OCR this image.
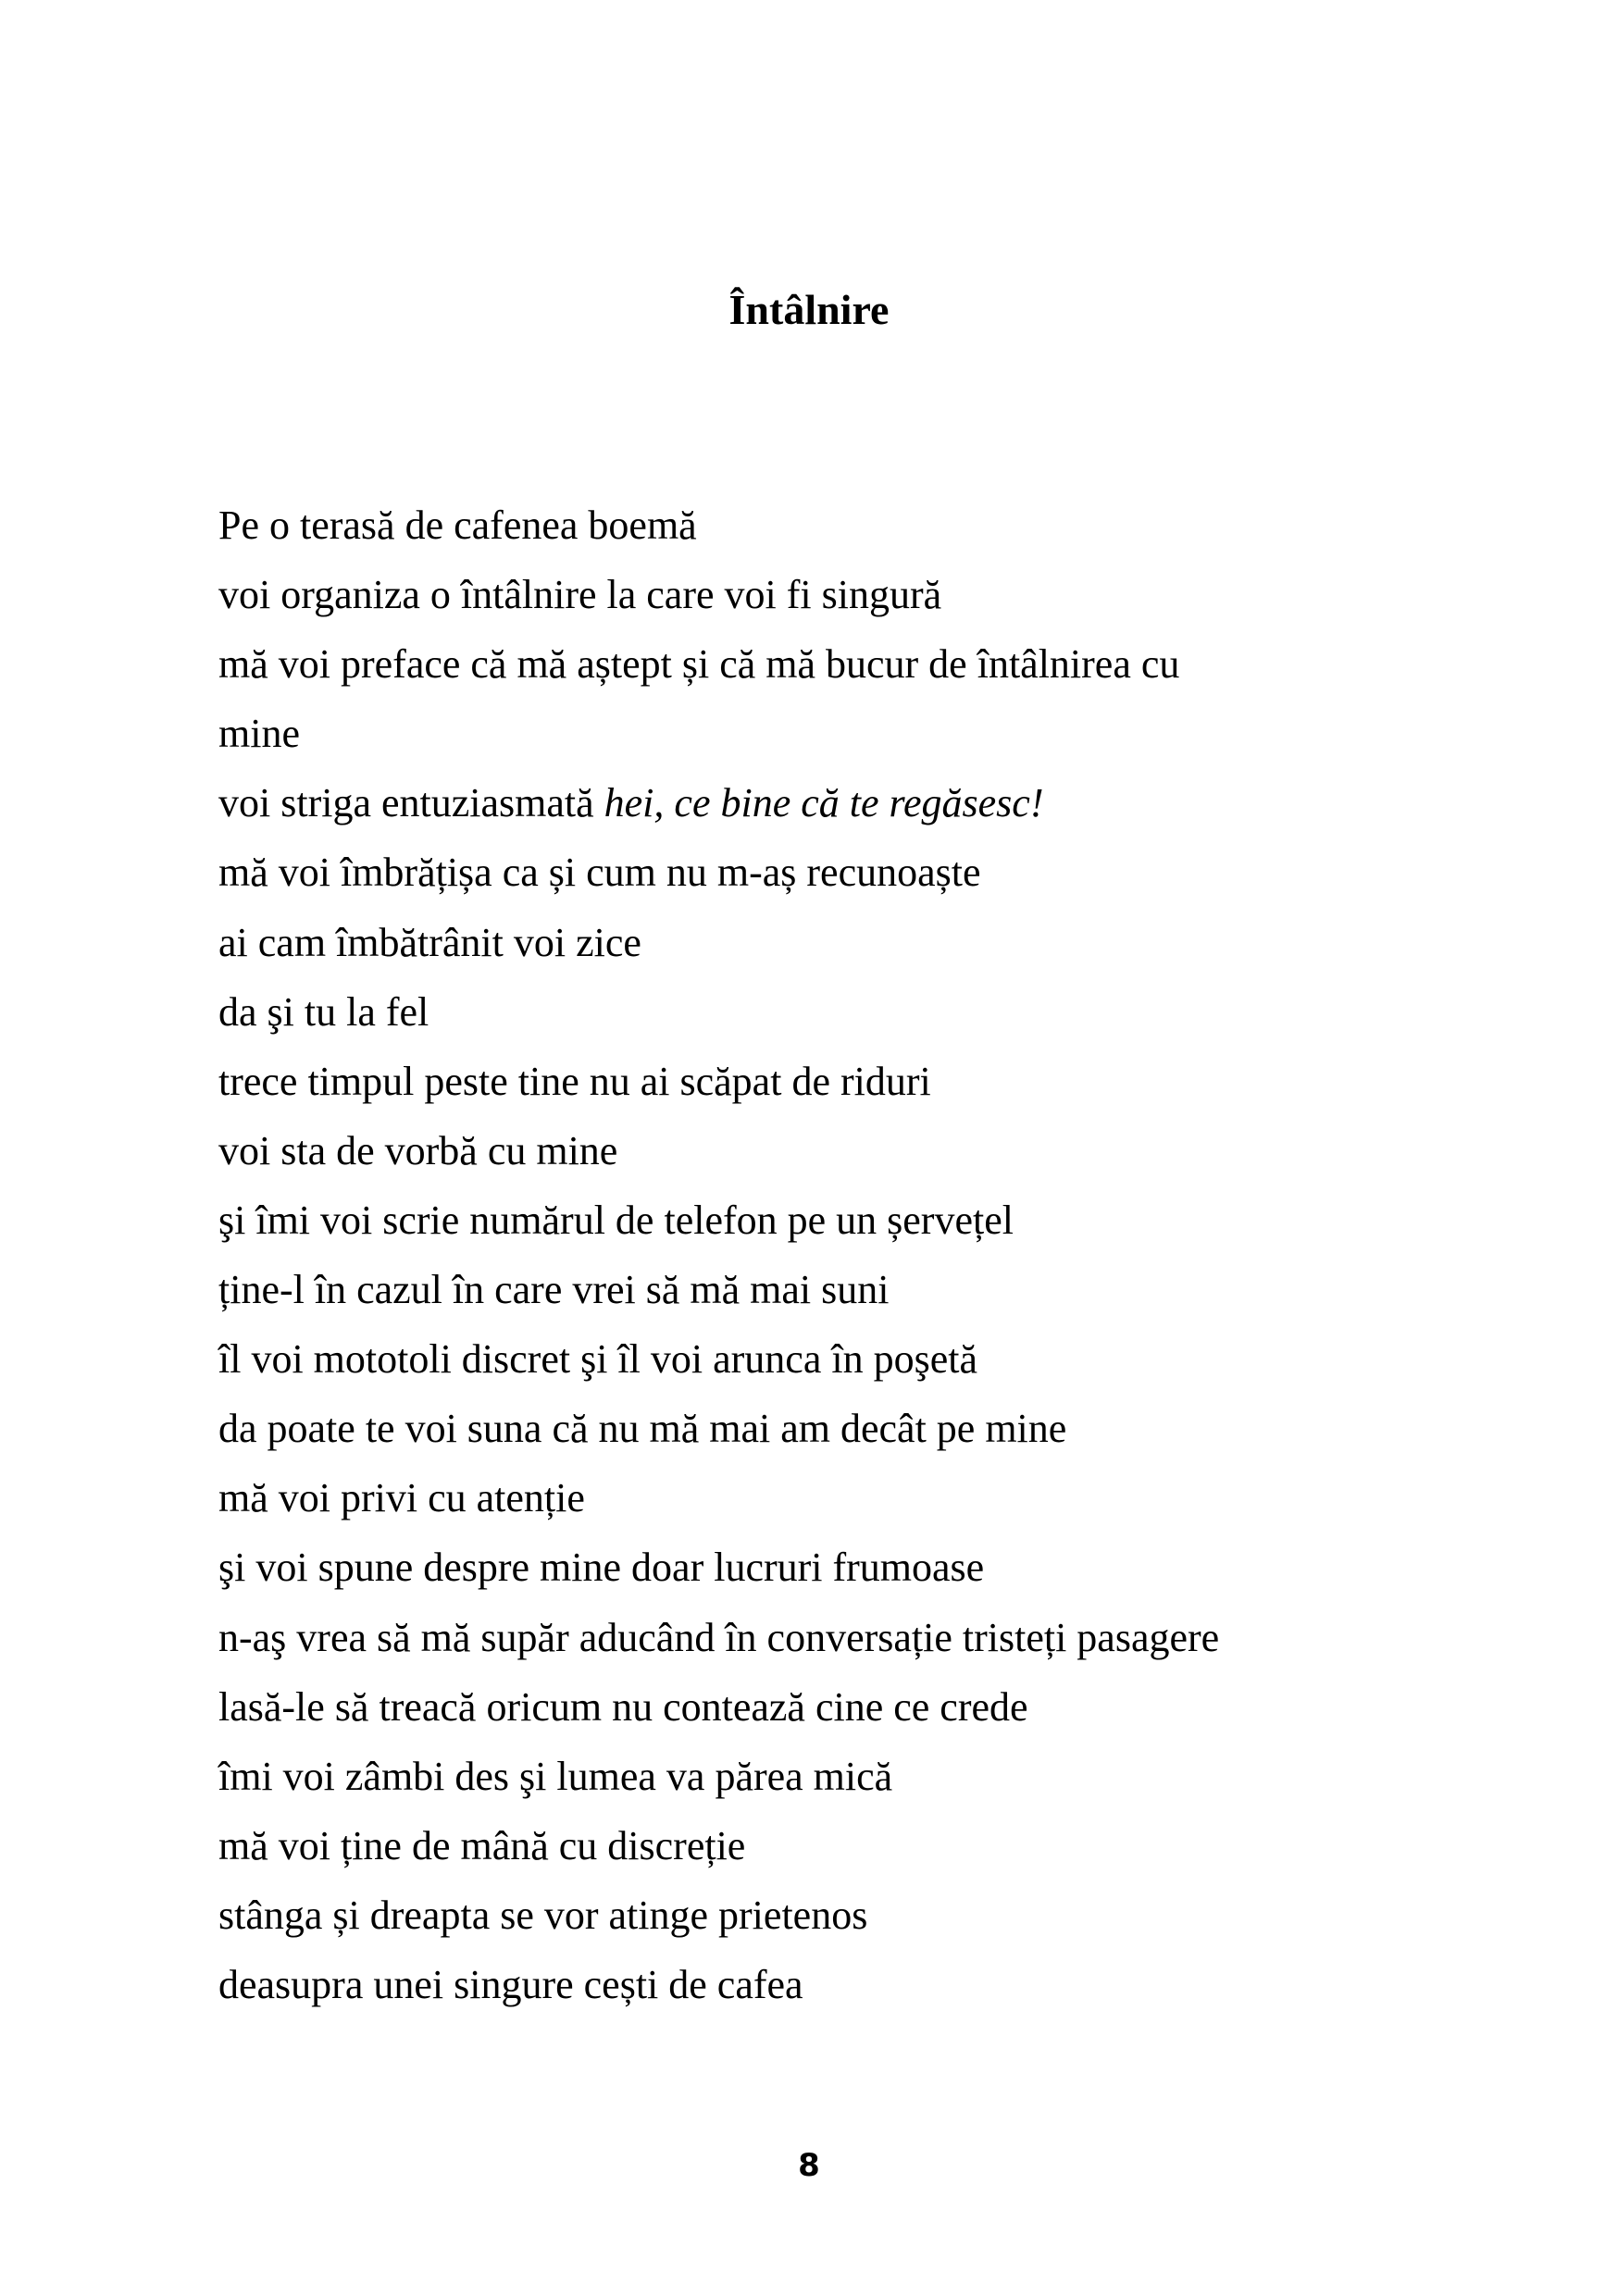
Întâlnire
Pe o terasă de cafenea boemă
voi organiza o întâlnire la care voi fi singură
mă voi preface că mă aștept și că mă bucur de întâlnirea cu
mine
voi striga entuziasmată hei, ce bine că te regăsesc!
mă voi îmbrățișa ca și cum nu m-aș recunoaște
ai cam îmbătrânit voi zice
da şi tu la fel
trece timpul peste tine nu ai scăpat de riduri
voi sta de vorbă cu mine
şi îmi voi scrie numărul de telefon pe un șervețel
ține-l în cazul în care vrei să mă mai suni
îl voi mototoli discret şi îl voi arunca în poşetă
da poate te voi suna că nu mă mai am decât pe mine
mă voi privi cu atenție
şi voi spune despre mine doar lucruri frumoase
n-aş vrea să mă supăr aducând în conversație tristeți pasagere
lasă-le să treacă oricum nu contează cine ce crede
îmi voi zâmbi des şi lumea va părea mică
mă voi ține de mână cu discreție
stânga și dreapta se vor atinge prietenos
deasupra unei singure cești de cafea
8
